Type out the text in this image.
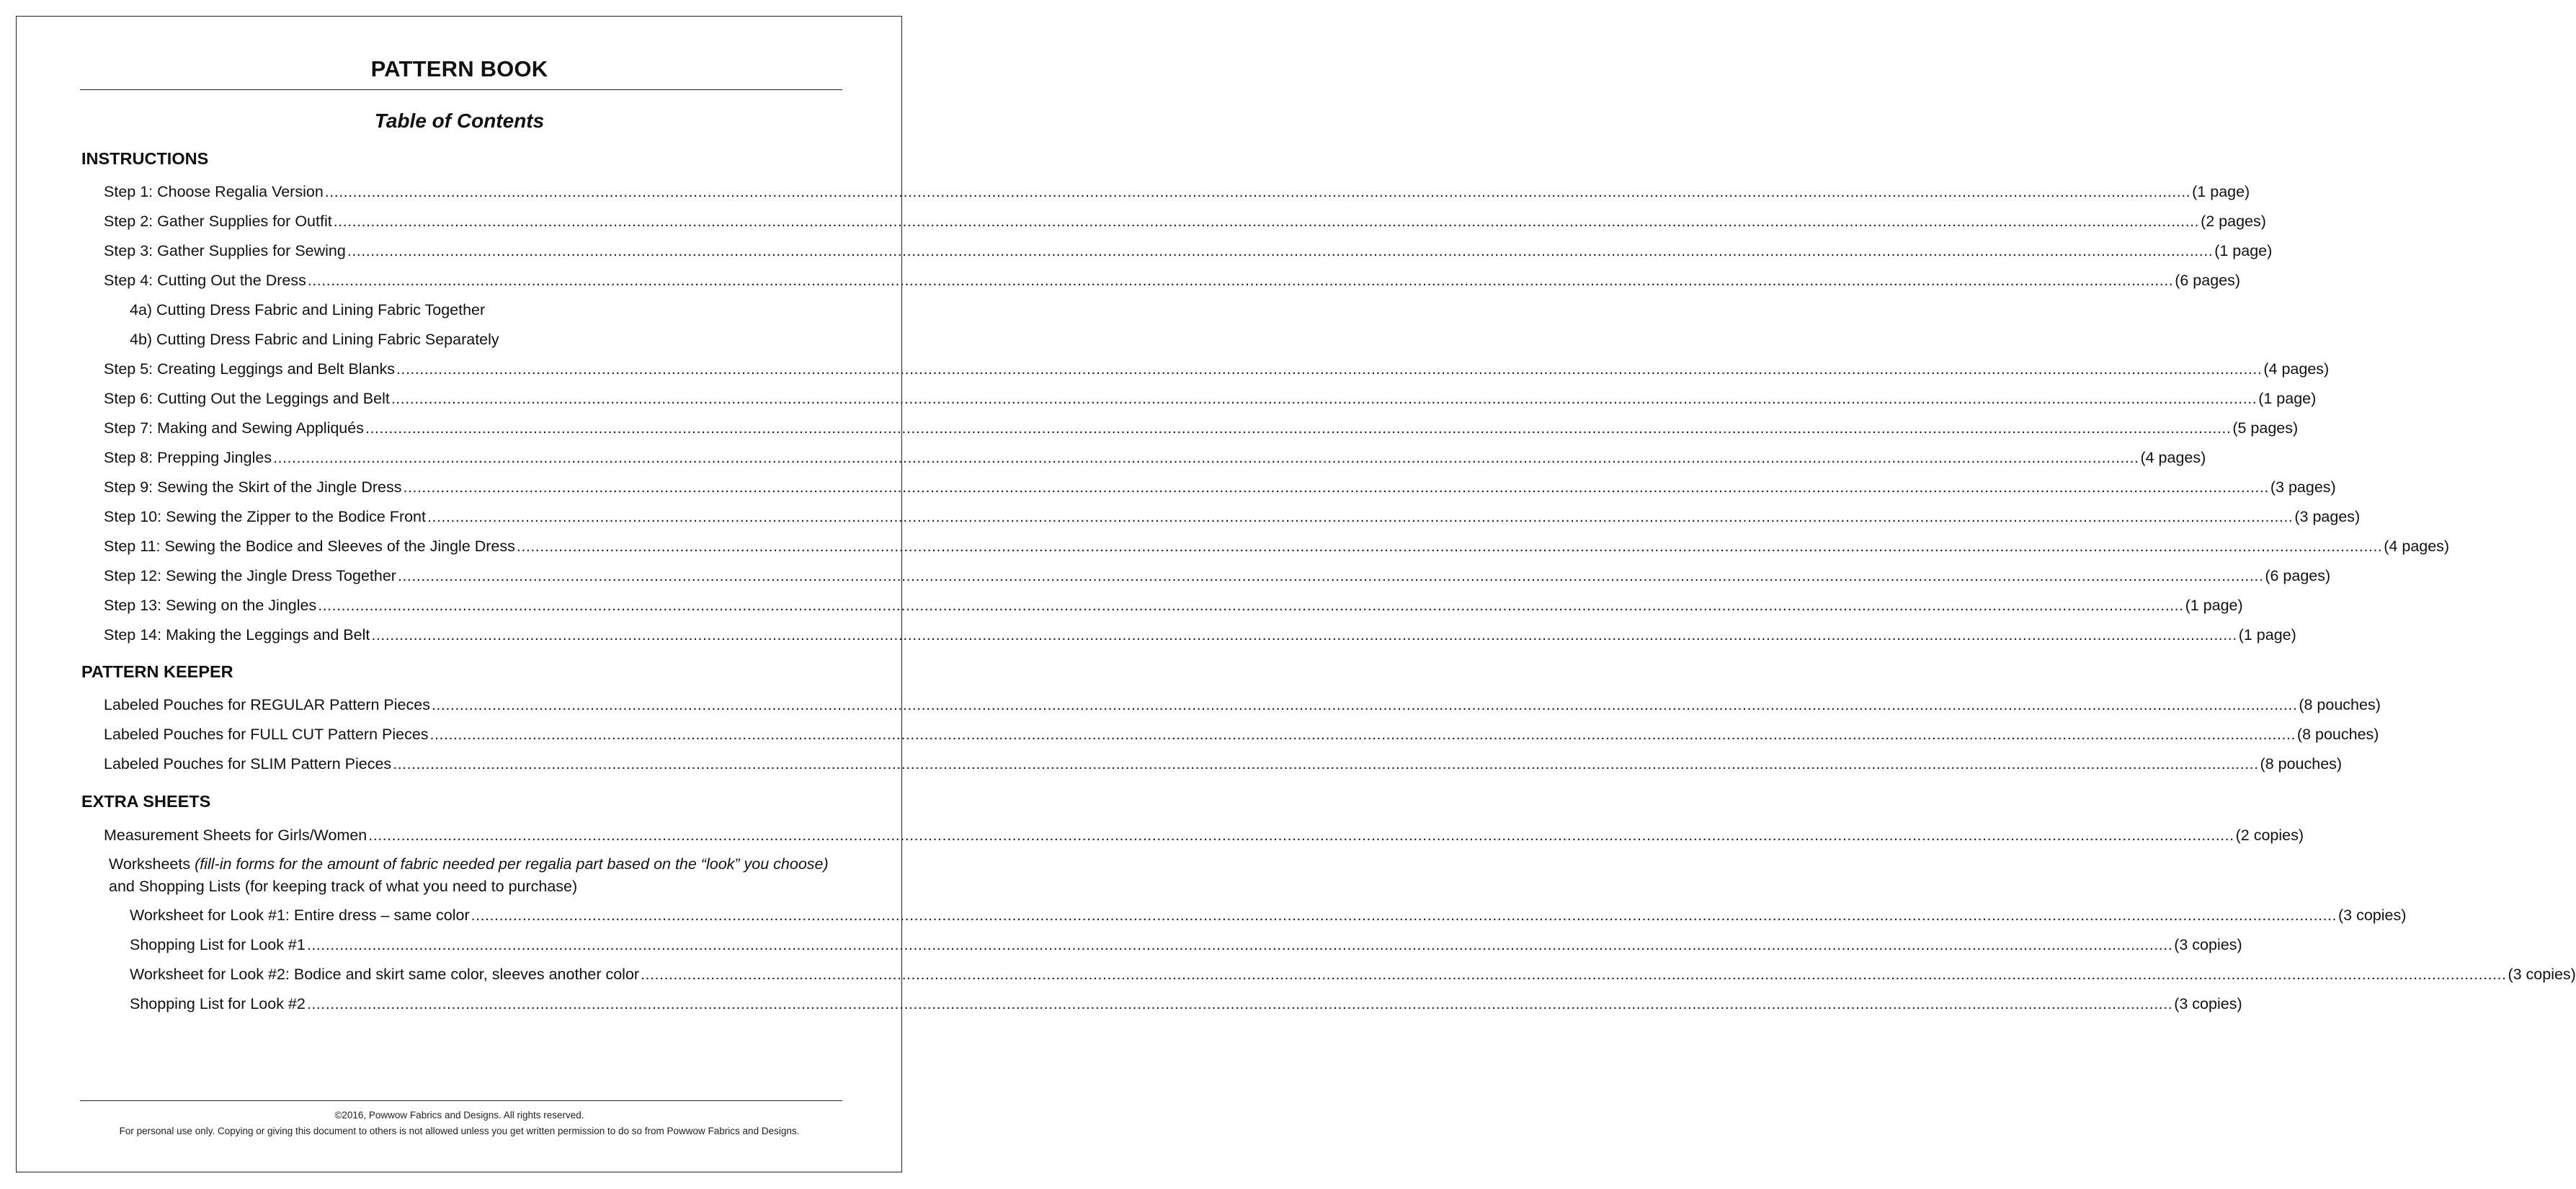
PATTERN BOOK
Table of Contents
INSTRUCTIONS
Step 1: Choose Regalia Version ................................................................................................................................................................................................................................................................................................................................................................................................................ (1 page)
Step 2: Gather Supplies for Outfit ................................................................................................................................................................................................................................................................................................................................................................................................................ (2 pages)
Step 3: Gather Supplies for Sewing ................................................................................................................................................................................................................................................................................................................................................................................................................ (1 page)
Step 4: Cutting Out the Dress ................................................................................................................................................................................................................................................................................................................................................................................................................ (6 pages)
4a) Cutting Dress Fabric and Lining Fabric Together
4b) Cutting Dress Fabric and Lining Fabric Separately
Step 5: Creating Leggings and Belt Blanks ................................................................................................................................................................................................................................................................................................................................................................................................................ (4 pages)
Step 6: Cutting Out the Leggings and Belt ................................................................................................................................................................................................................................................................................................................................................................................................................ (1 page)
Step 7: Making and Sewing Appliqués ................................................................................................................................................................................................................................................................................................................................................................................................................ (5 pages)
Step 8: Prepping Jingles ................................................................................................................................................................................................................................................................................................................................................................................................................ (4 pages)
Step 9: Sewing the Skirt of the Jingle Dress ................................................................................................................................................................................................................................................................................................................................................................................................................ (3 pages)
Step 10: Sewing the Zipper to the Bodice Front ................................................................................................................................................................................................................................................................................................................................................................................................................ (3 pages)
Step 11: Sewing the Bodice and Sleeves of the Jingle Dress ................................................................................................................................................................................................................................................................................................................................................................................................................ (4 pages)
Step 12: Sewing the Jingle Dress Together ................................................................................................................................................................................................................................................................................................................................................................................................................ (6 pages)
Step 13: Sewing on the Jingles ................................................................................................................................................................................................................................................................................................................................................................................................................ (1 page)
Step 14: Making the Leggings and Belt ................................................................................................................................................................................................................................................................................................................................................................................................................ (1 page)
PATTERN KEEPER
Labeled Pouches for REGULAR Pattern Pieces ................................................................................................................................................................................................................................................................................................................................................................................................................ (8 pouches)
Labeled Pouches for FULL CUT Pattern Pieces ................................................................................................................................................................................................................................................................................................................................................................................................................ (8 pouches)
Labeled Pouches for SLIM Pattern Pieces ................................................................................................................................................................................................................................................................................................................................................................................................................ (8 pouches)
EXTRA SHEETS
Measurement Sheets for Girls/Women ................................................................................................................................................................................................................................................................................................................................................................................................................ (2 copies)
Worksheets (fill-in forms for the amount of fabric needed per regalia part based on the “look” you choose) and Shopping Lists (for keeping track of what you need to purchase)
Worksheet for Look #1: Entire dress – same color ................................................................................................................................................................................................................................................................................................................................................................................................................ (3 copies)
Shopping List for Look #1 ................................................................................................................................................................................................................................................................................................................................................................................................................ (3 copies)
Worksheet for Look #2: Bodice and skirt same color, sleeves another color ................................................................................................................................................................................................................................................................................................................................................................................................................ (3 copies)
Shopping List for Look #2 ................................................................................................................................................................................................................................................................................................................................................................................................................ (3 copies)
©2016, Powwow Fabrics and Designs. All rights reserved.
For personal use only. Copying or giving this document to others is not allowed unless you get written permission to do so from Powwow Fabrics and Designs.
